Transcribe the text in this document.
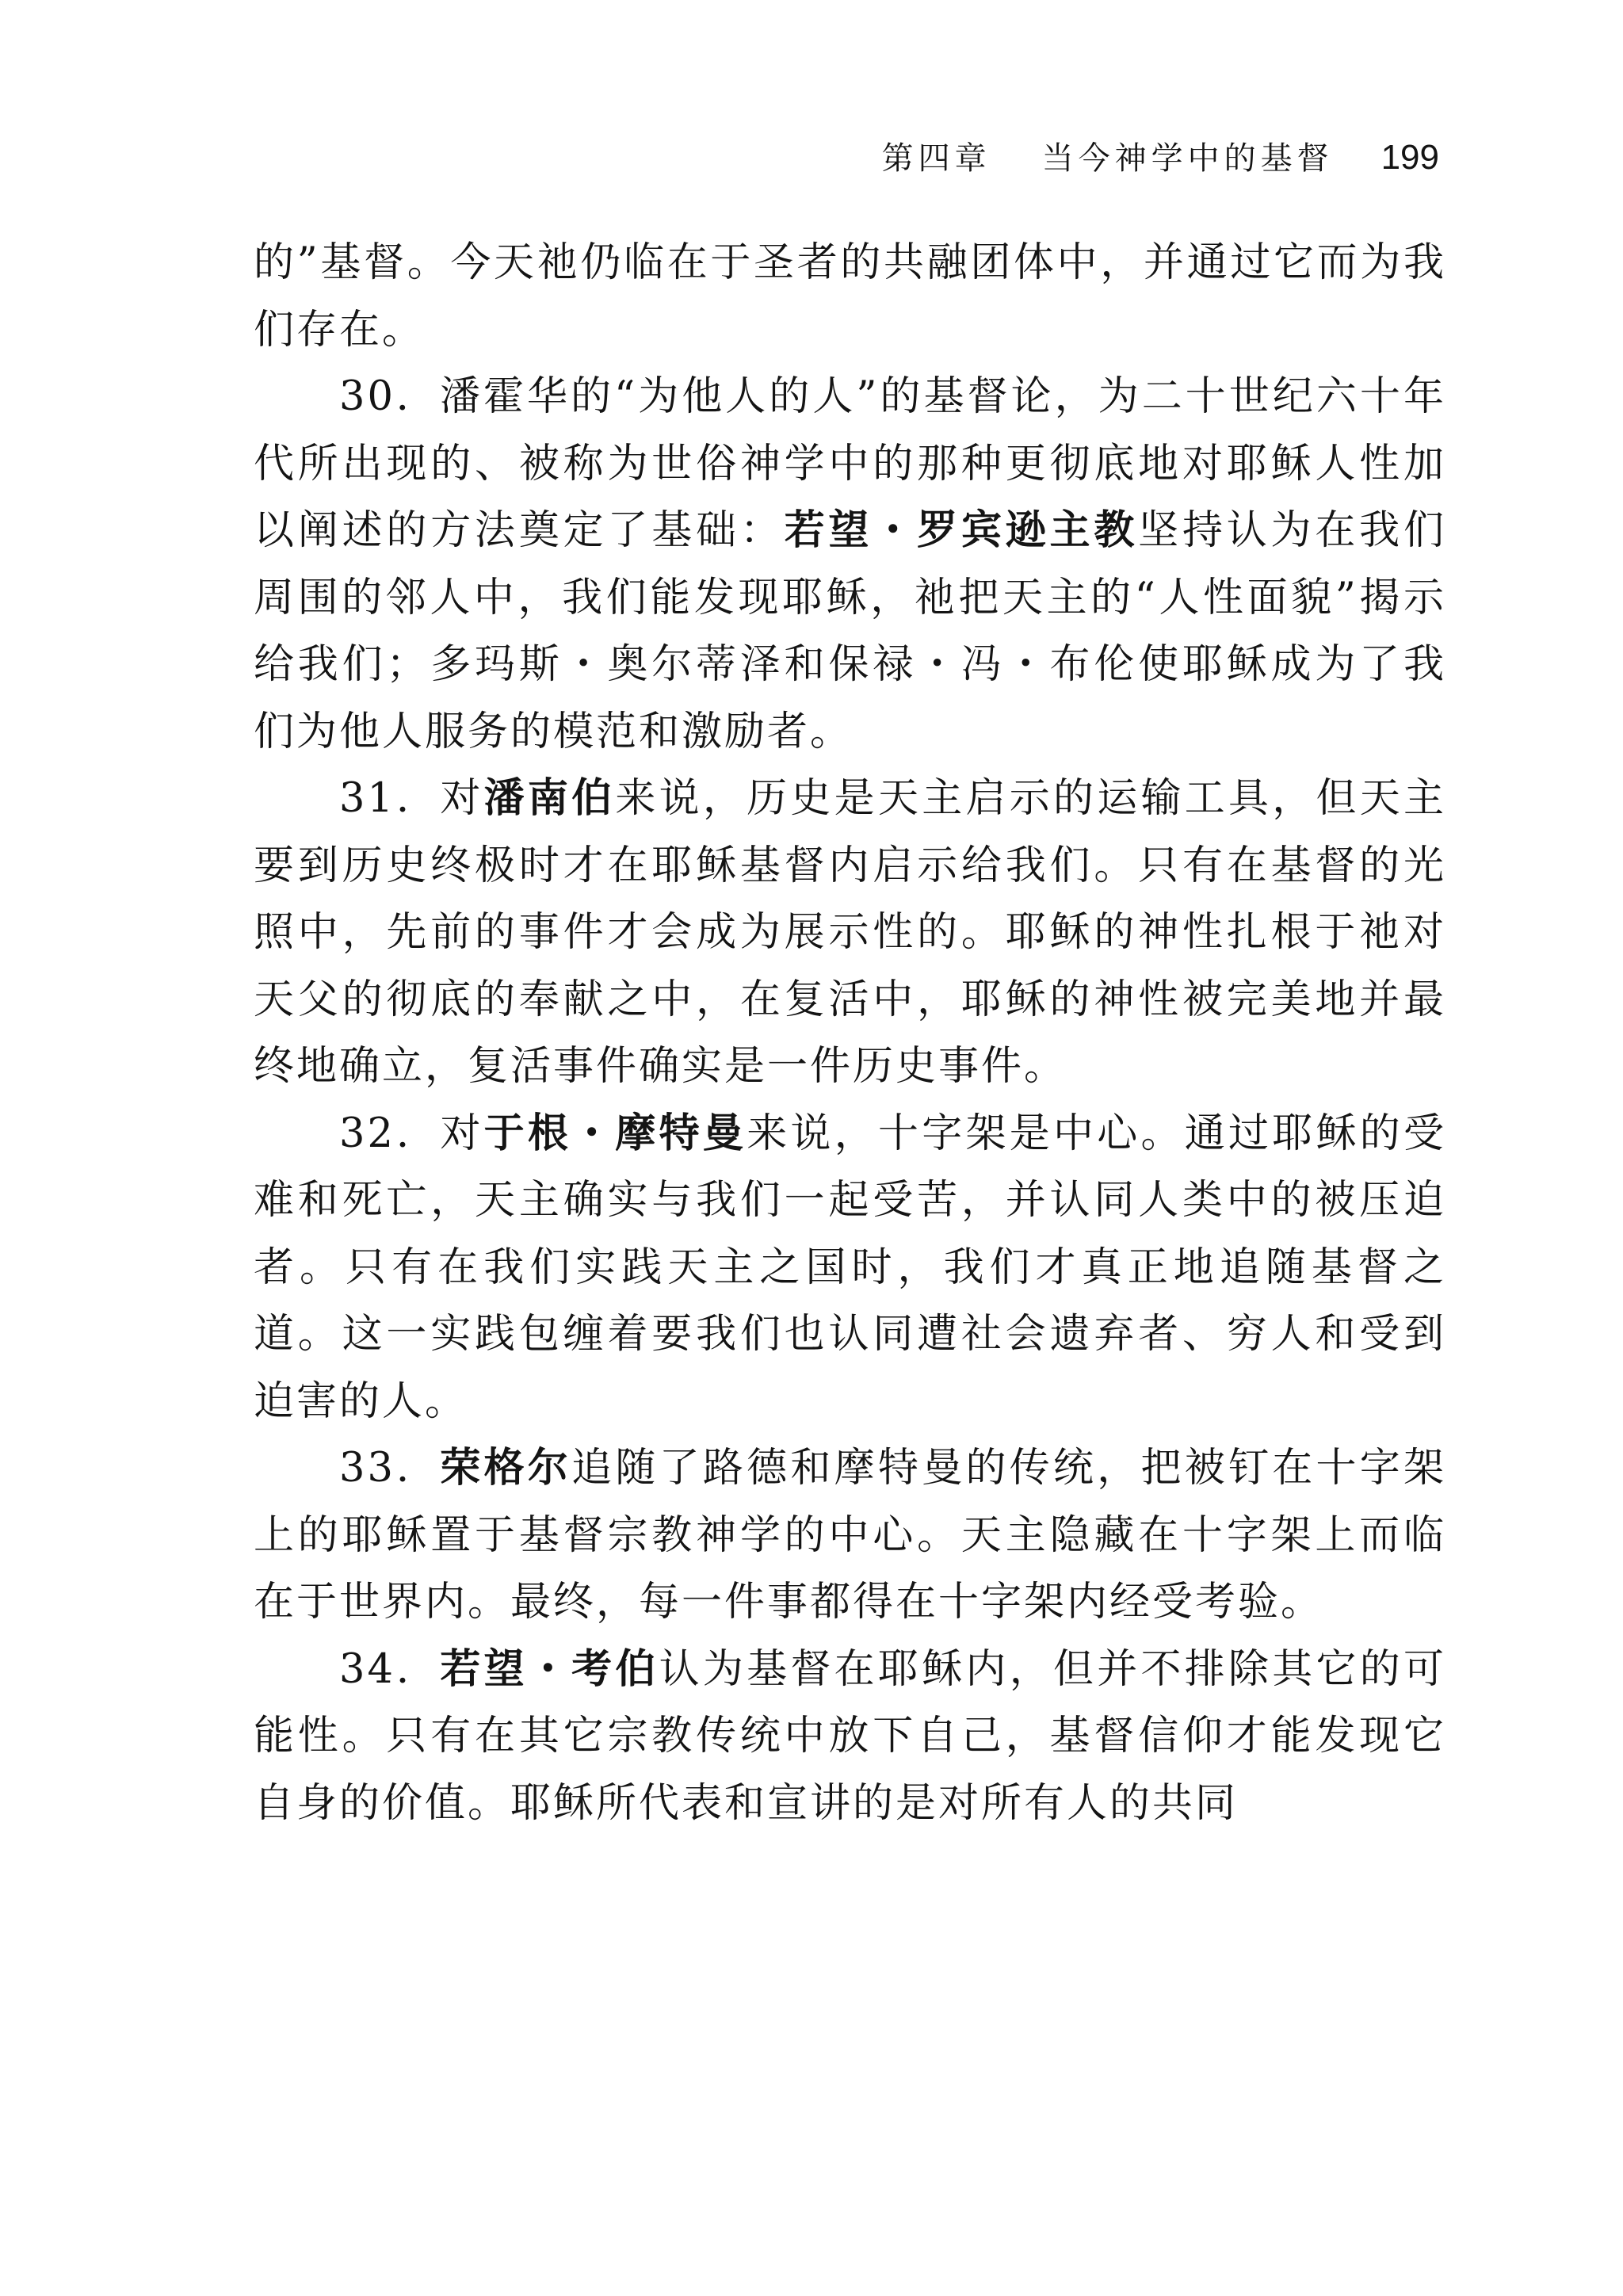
第四章 当今神学中的基督 199

的”基督。今天祂仍临在于圣者的共融团体中，并通过它而为我们存在。

30．潘霍华的“为他人的人”的基督论，为二十世纪六十年代所出现的、被称为世俗神学中的那种更彻底地对耶稣人性加以阐述的方法奠定了基础：若望・罗宾逊主教坚持认为在我们周围的邻人中，我们能发现耶稣，祂把天主的“人性面貌”揭示给我们；多玛斯・奥尔蒂泽和保禄・冯・布伦使耶稣成为了我们为他人服务的模范和激励者。

31．对潘南伯来说，历史是天主启示的运输工具，但天主要到历史终极时才在耶稣基督内启示给我们。只有在基督的光照中，先前的事件才会成为展示性的。耶稣的神性扎根于祂对天父的彻底的奉献之中，在复活中，耶稣的神性被完美地并最终地确立，复活事件确实是一件历史事件。

32．对于根・摩特曼来说，十字架是中心。通过耶稣的受难和死亡，天主确实与我们一起受苦，并认同人类中的被压迫者。只有在我们实践天主之国时，我们才真正地追随基督之道。这一实践包缠着要我们也认同遭社会遗弃者、穷人和受到迫害的人。

33．荣格尔追随了路德和摩特曼的传统，把被钉在十字架上的耶稣置于基督宗教神学的中心。天主隐藏在十字架上而临在于世界内。最终，每一件事都得在十字架内经受考验。

34．若望・考伯认为基督在耶稣内，但并不排除其它的可能性。只有在其它宗教传统中放下自己，基督信仰才能发现它自身的价值。耶稣所代表和宣讲的是对所有人的共同
